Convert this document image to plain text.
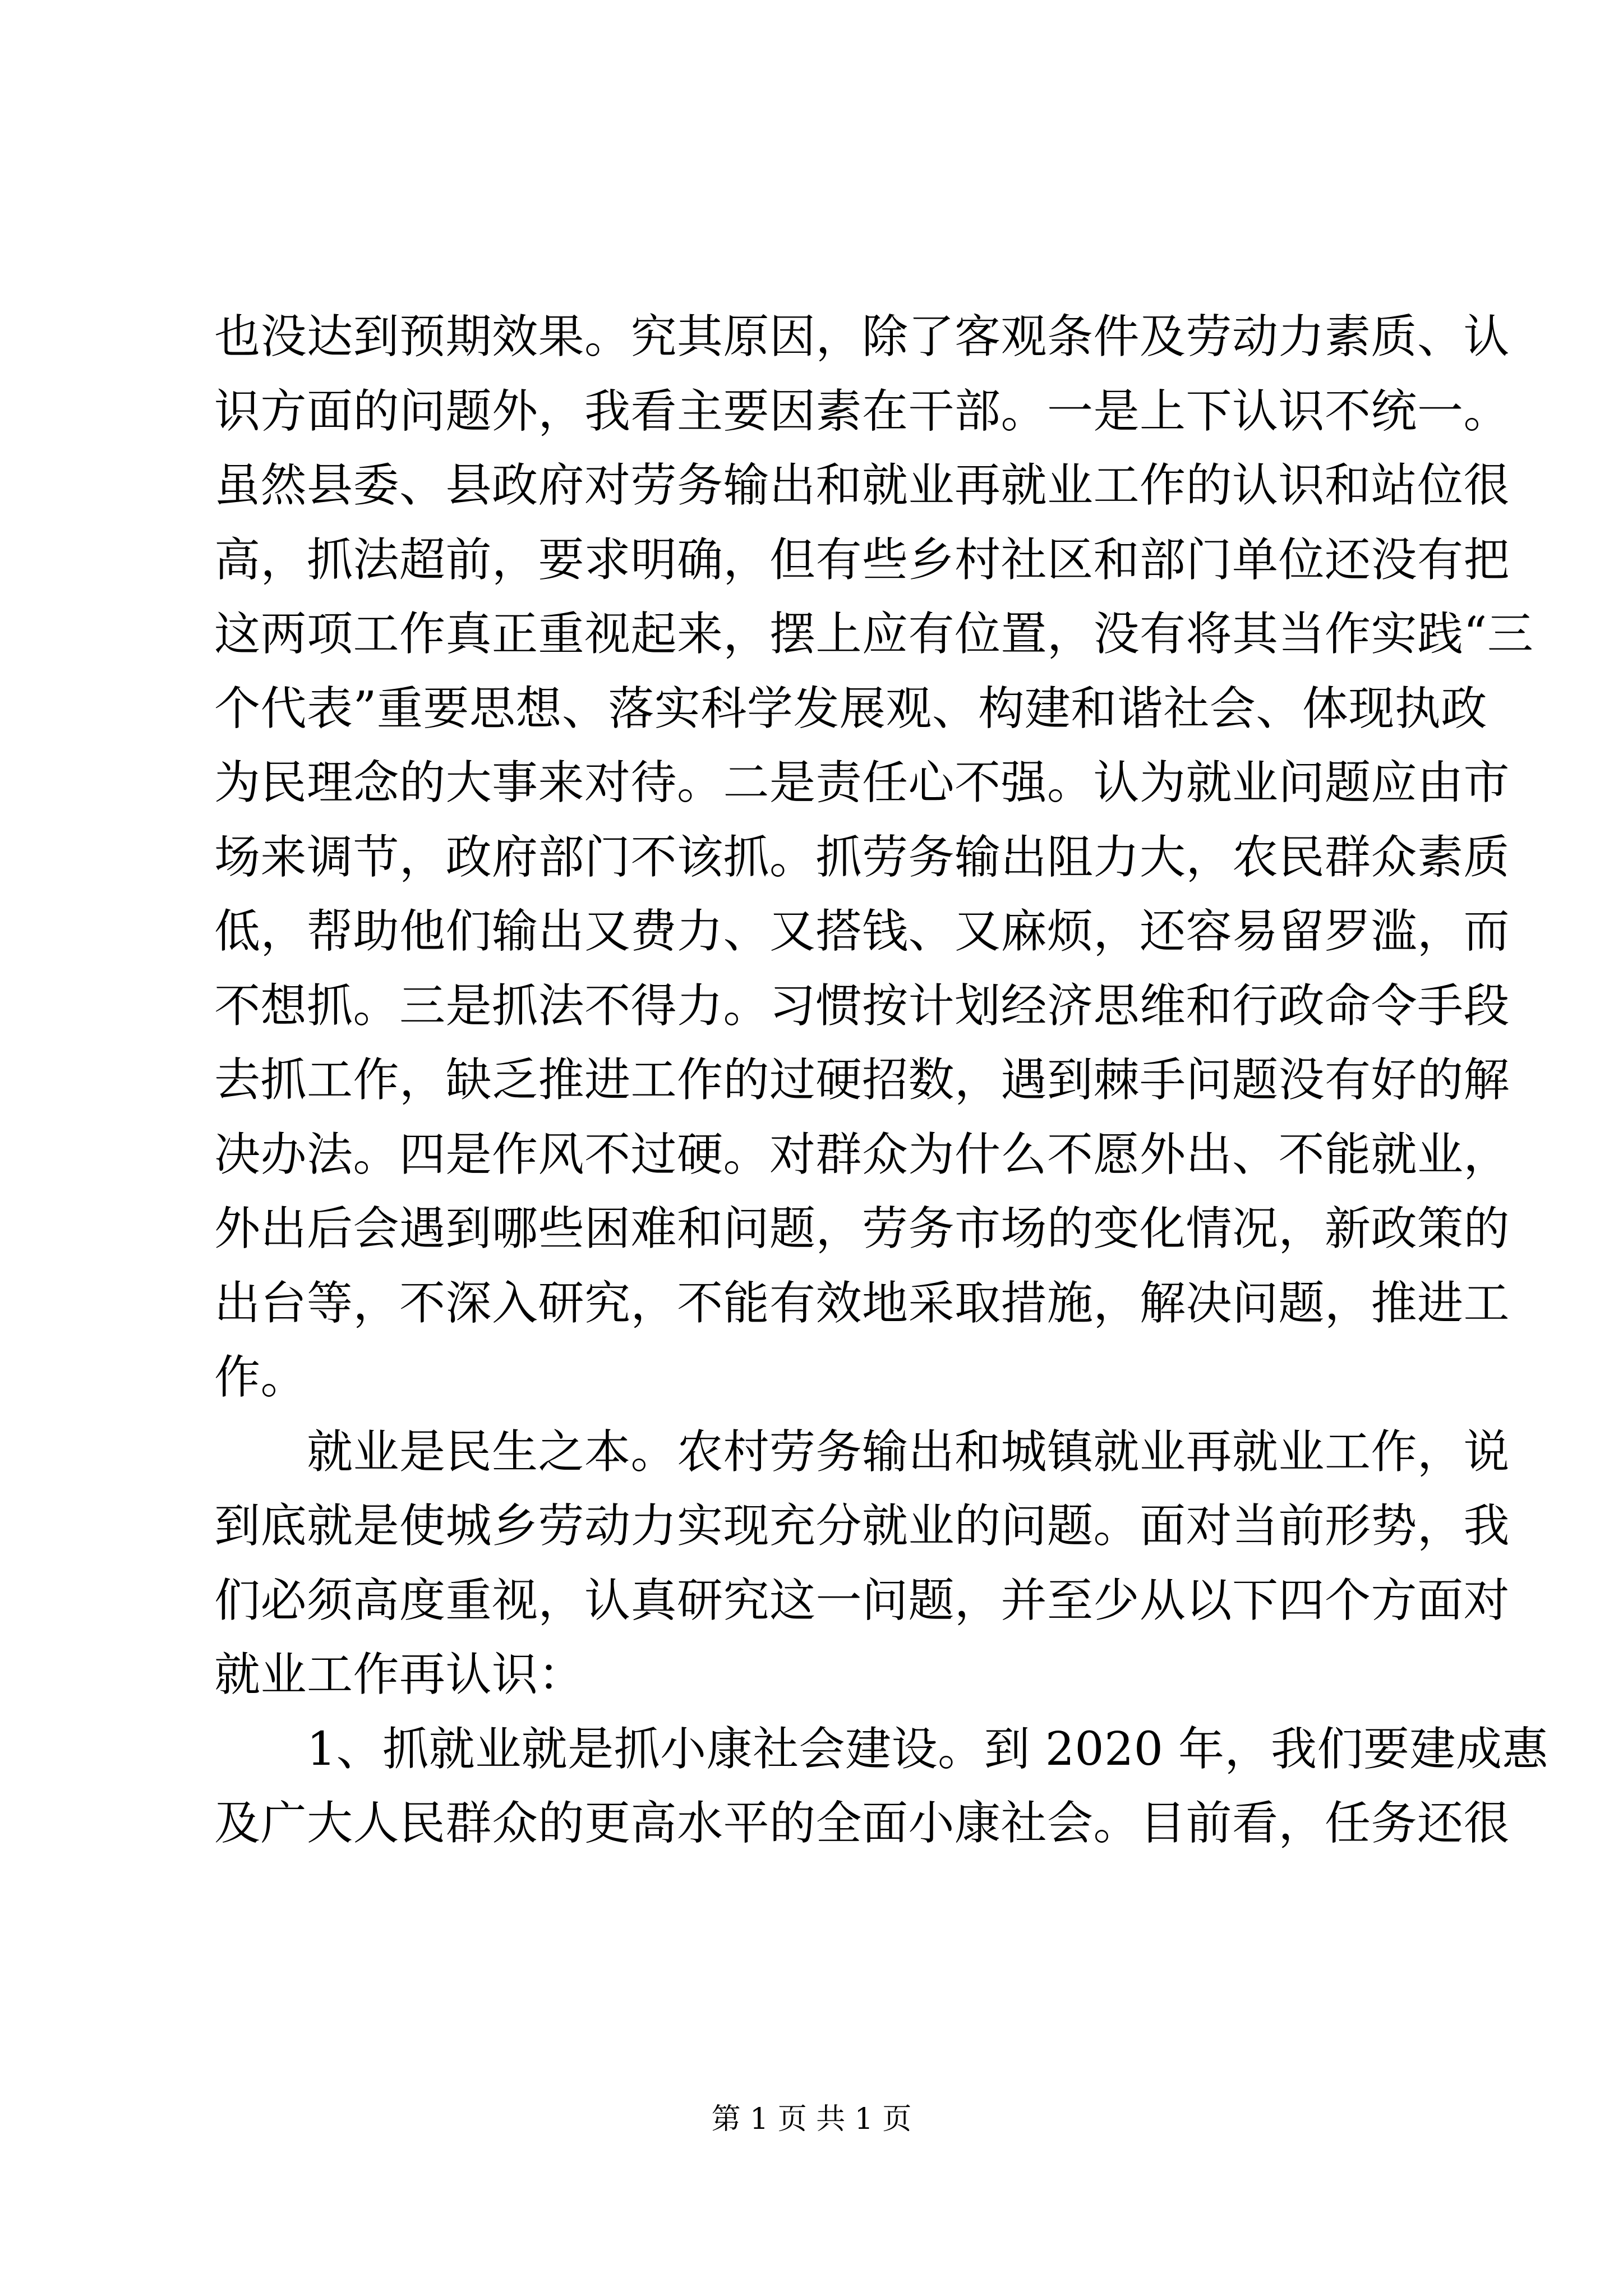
也没达到预期效果。究其原因，除了客观条件及劳动力素质、认
识方面的问题外，我看主要因素在干部。一是上下认识不统一。
虽然县委、县政府对劳务输出和就业再就业工作的认识和站位很
高，抓法超前，要求明确，但有些乡村社区和部门单位还没有把
这两项工作真正重视起来，摆上应有位置，没有将其当作实践“三
个代表”重要思想、落实科学发展观、构建和谐社会、体现执政
为民理念的大事来对待。二是责任心不强。认为就业问题应由市
场来调节，政府部门不该抓。抓劳务输出阻力大，农民群众素质
低，帮助他们输出又费力、又搭钱、又麻烦，还容易留罗滥，而
不想抓。三是抓法不得力。习惯按计划经济思维和行政命令手段
去抓工作，缺乏推进工作的过硬招数，遇到棘手问题没有好的解
决办法。四是作风不过硬。对群众为什么不愿外出、不能就业，
外出后会遇到哪些困难和问题，劳务市场的变化情况，新政策的
出台等，不深入研究，不能有效地采取措施，解决问题，推进工
作。
　　就业是民生之本。农村劳务输出和城镇就业再就业工作，说
到底就是使城乡劳动力实现充分就业的问题。面对当前形势，我
们必须高度重视，认真研究这一问题，并至少从以下四个方面对
就业工作再认识：
　　1、抓就业就是抓小康社会建设。到 2020 年，我们要建成惠
及广大人民群众的更高水平的全面小康社会。目前看，任务还很
第 1 页 共 1 页
